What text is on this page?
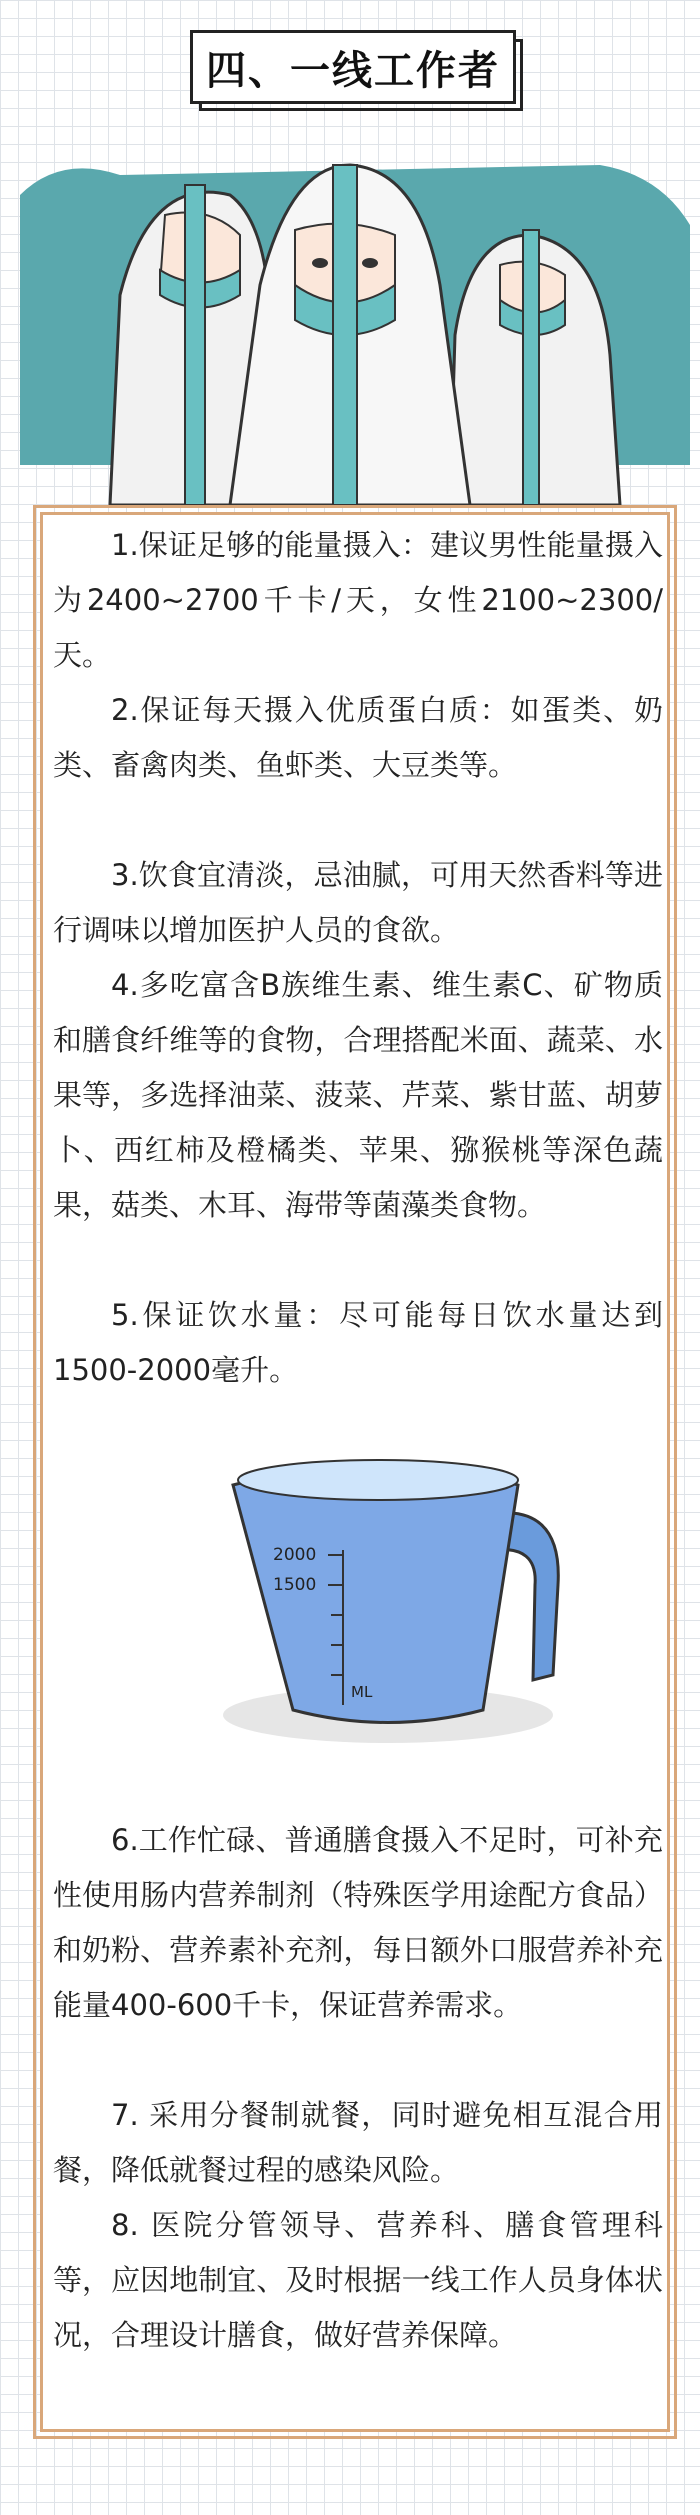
四、一线工作者

1.保证足够的能量摄入：建议男性能量摄入为2400~2700千卡/天，女性2100~2300/天。

2.保证每天摄入优质蛋白质：如蛋类、奶类、畜禽肉类、鱼虾类、大豆类等。

3.饮食宜清淡，忌油腻，可用天然香料等进行调味以增加医护人员的食欲。

4.多吃富含B族维生素、维生素C、矿物质和膳食纤维等的食物，合理搭配米面、蔬菜、水果等，多选择油菜、菠菜、芹菜、紫甘蓝、胡萝卜、西红柿及橙橘类、苹果、猕猴桃等深色蔬果，菇类、木耳、海带等菌藻类食物。

5.保证饮水量：尽可能每日饮水量达到1500-2000毫升。

2000
1500
ML

6.工作忙碌、普通膳食摄入不足时，可补充性使用肠内营养制剂（特殊医学用途配方食品）和奶粉、营养素补充剂，每日额外口服营养补充能量400-600千卡，保证营养需求。

7. 采用分餐制就餐，同时避免相互混合用餐，降低就餐过程的感染风险。

8. 医院分管领导、营养科、膳食管理科等，应因地制宜、及时根据一线工作人员身体状况，合理设计膳食，做好营养保障。
